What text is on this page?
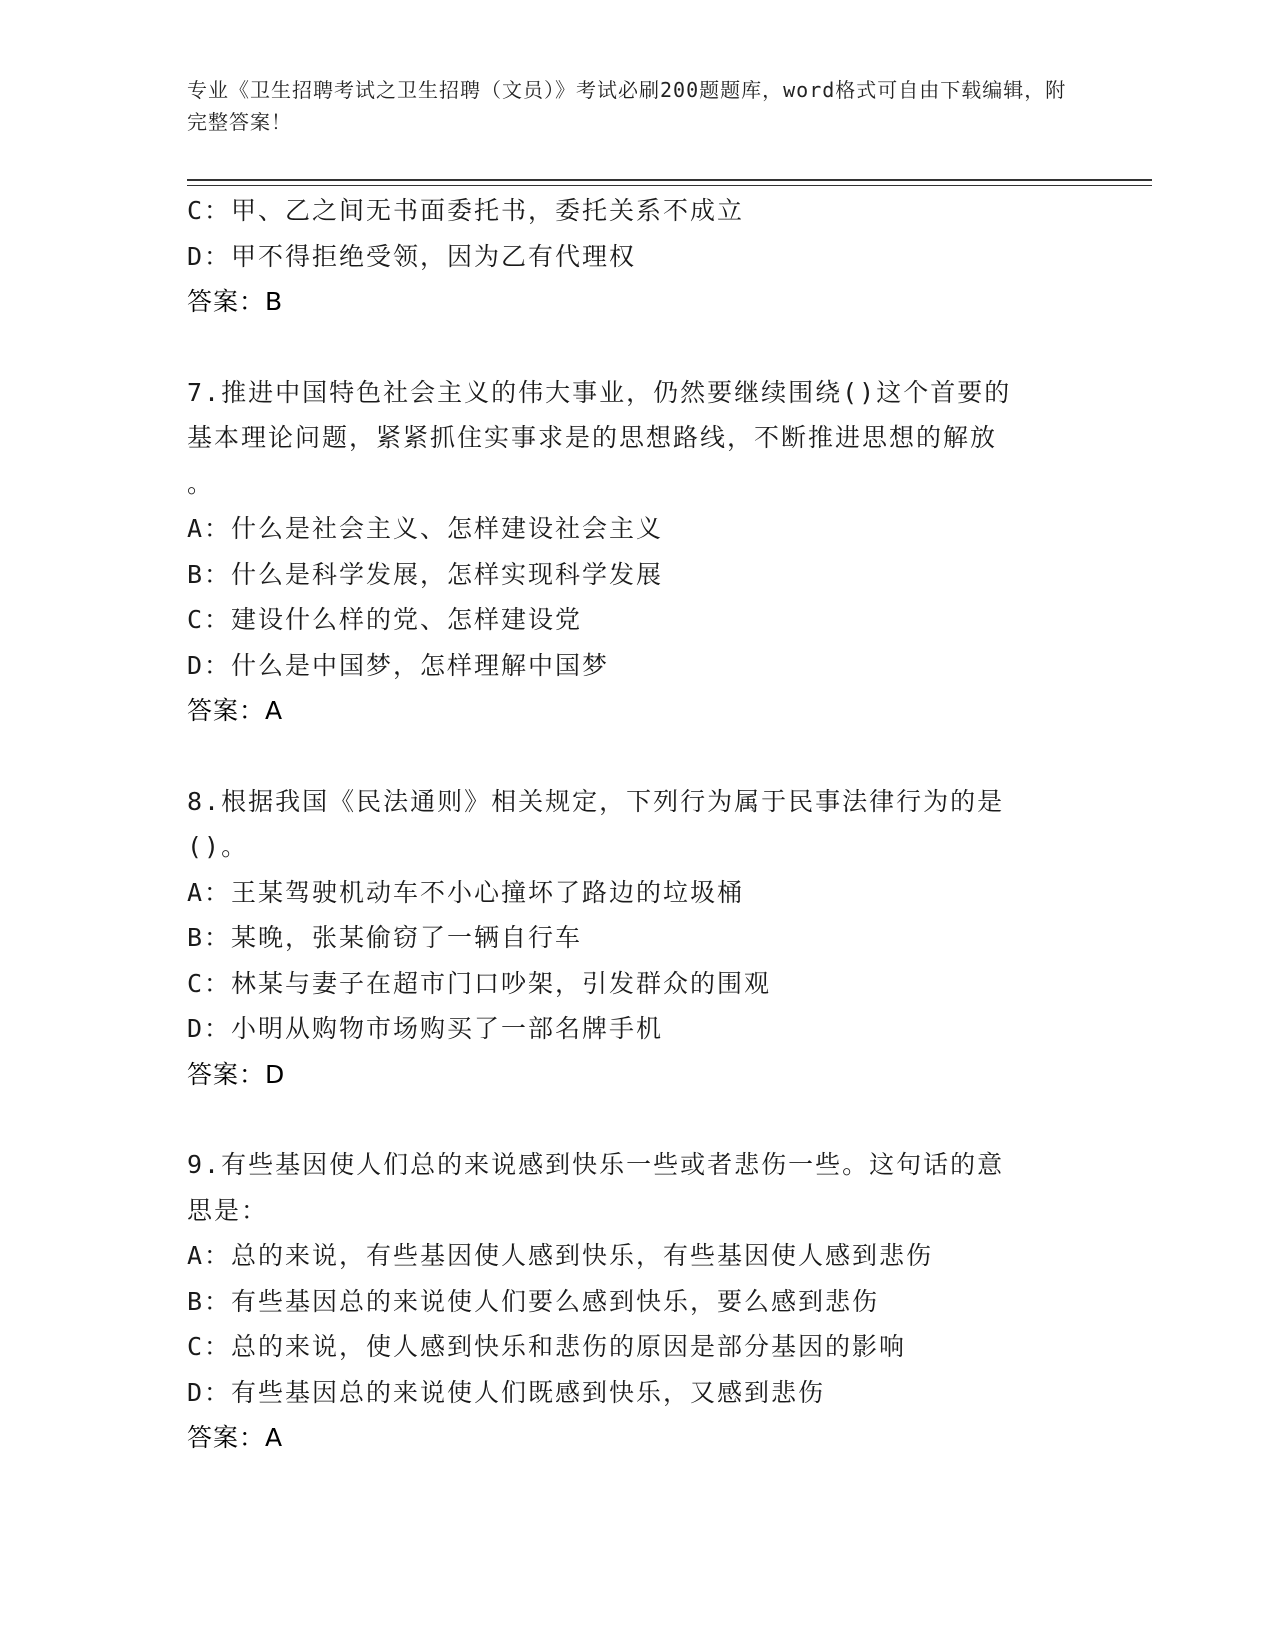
专业《卫生招聘考试之卫生招聘（文员）》考试必刷200题题库，word格式可自由下载编辑，附完整答案！
C：甲、乙之间无书面委托书，委托关系不成立
D：甲不得拒绝受领，因为乙有代理权
答案：B
7.推进中国特色社会主义的伟大事业，仍然要继续围绕()这个首要的
基本理论问题，紧紧抓住实事求是的思想路线，不断推进思想的解放
。
A：什么是社会主义、怎样建设社会主义
B：什么是科学发展，怎样实现科学发展
C：建设什么样的党、怎样建设党
D：什么是中国梦，怎样理解中国梦
答案：A
8.根据我国《民法通则》相关规定，下列行为属于民事法律行为的是
()。
A：王某驾驶机动车不小心撞坏了路边的垃圾桶
B：某晚，张某偷窃了一辆自行车
C：林某与妻子在超市门口吵架，引发群众的围观
D：小明从购物市场购买了一部名牌手机
答案：D
9.有些基因使人们总的来说感到快乐一些或者悲伤一些。这句话的意
思是：
A：总的来说，有些基因使人感到快乐，有些基因使人感到悲伤
B：有些基因总的来说使人们要么感到快乐，要么感到悲伤
C：总的来说，使人感到快乐和悲伤的原因是部分基因的影响
D：有些基因总的来说使人们既感到快乐，又感到悲伤
答案：A
